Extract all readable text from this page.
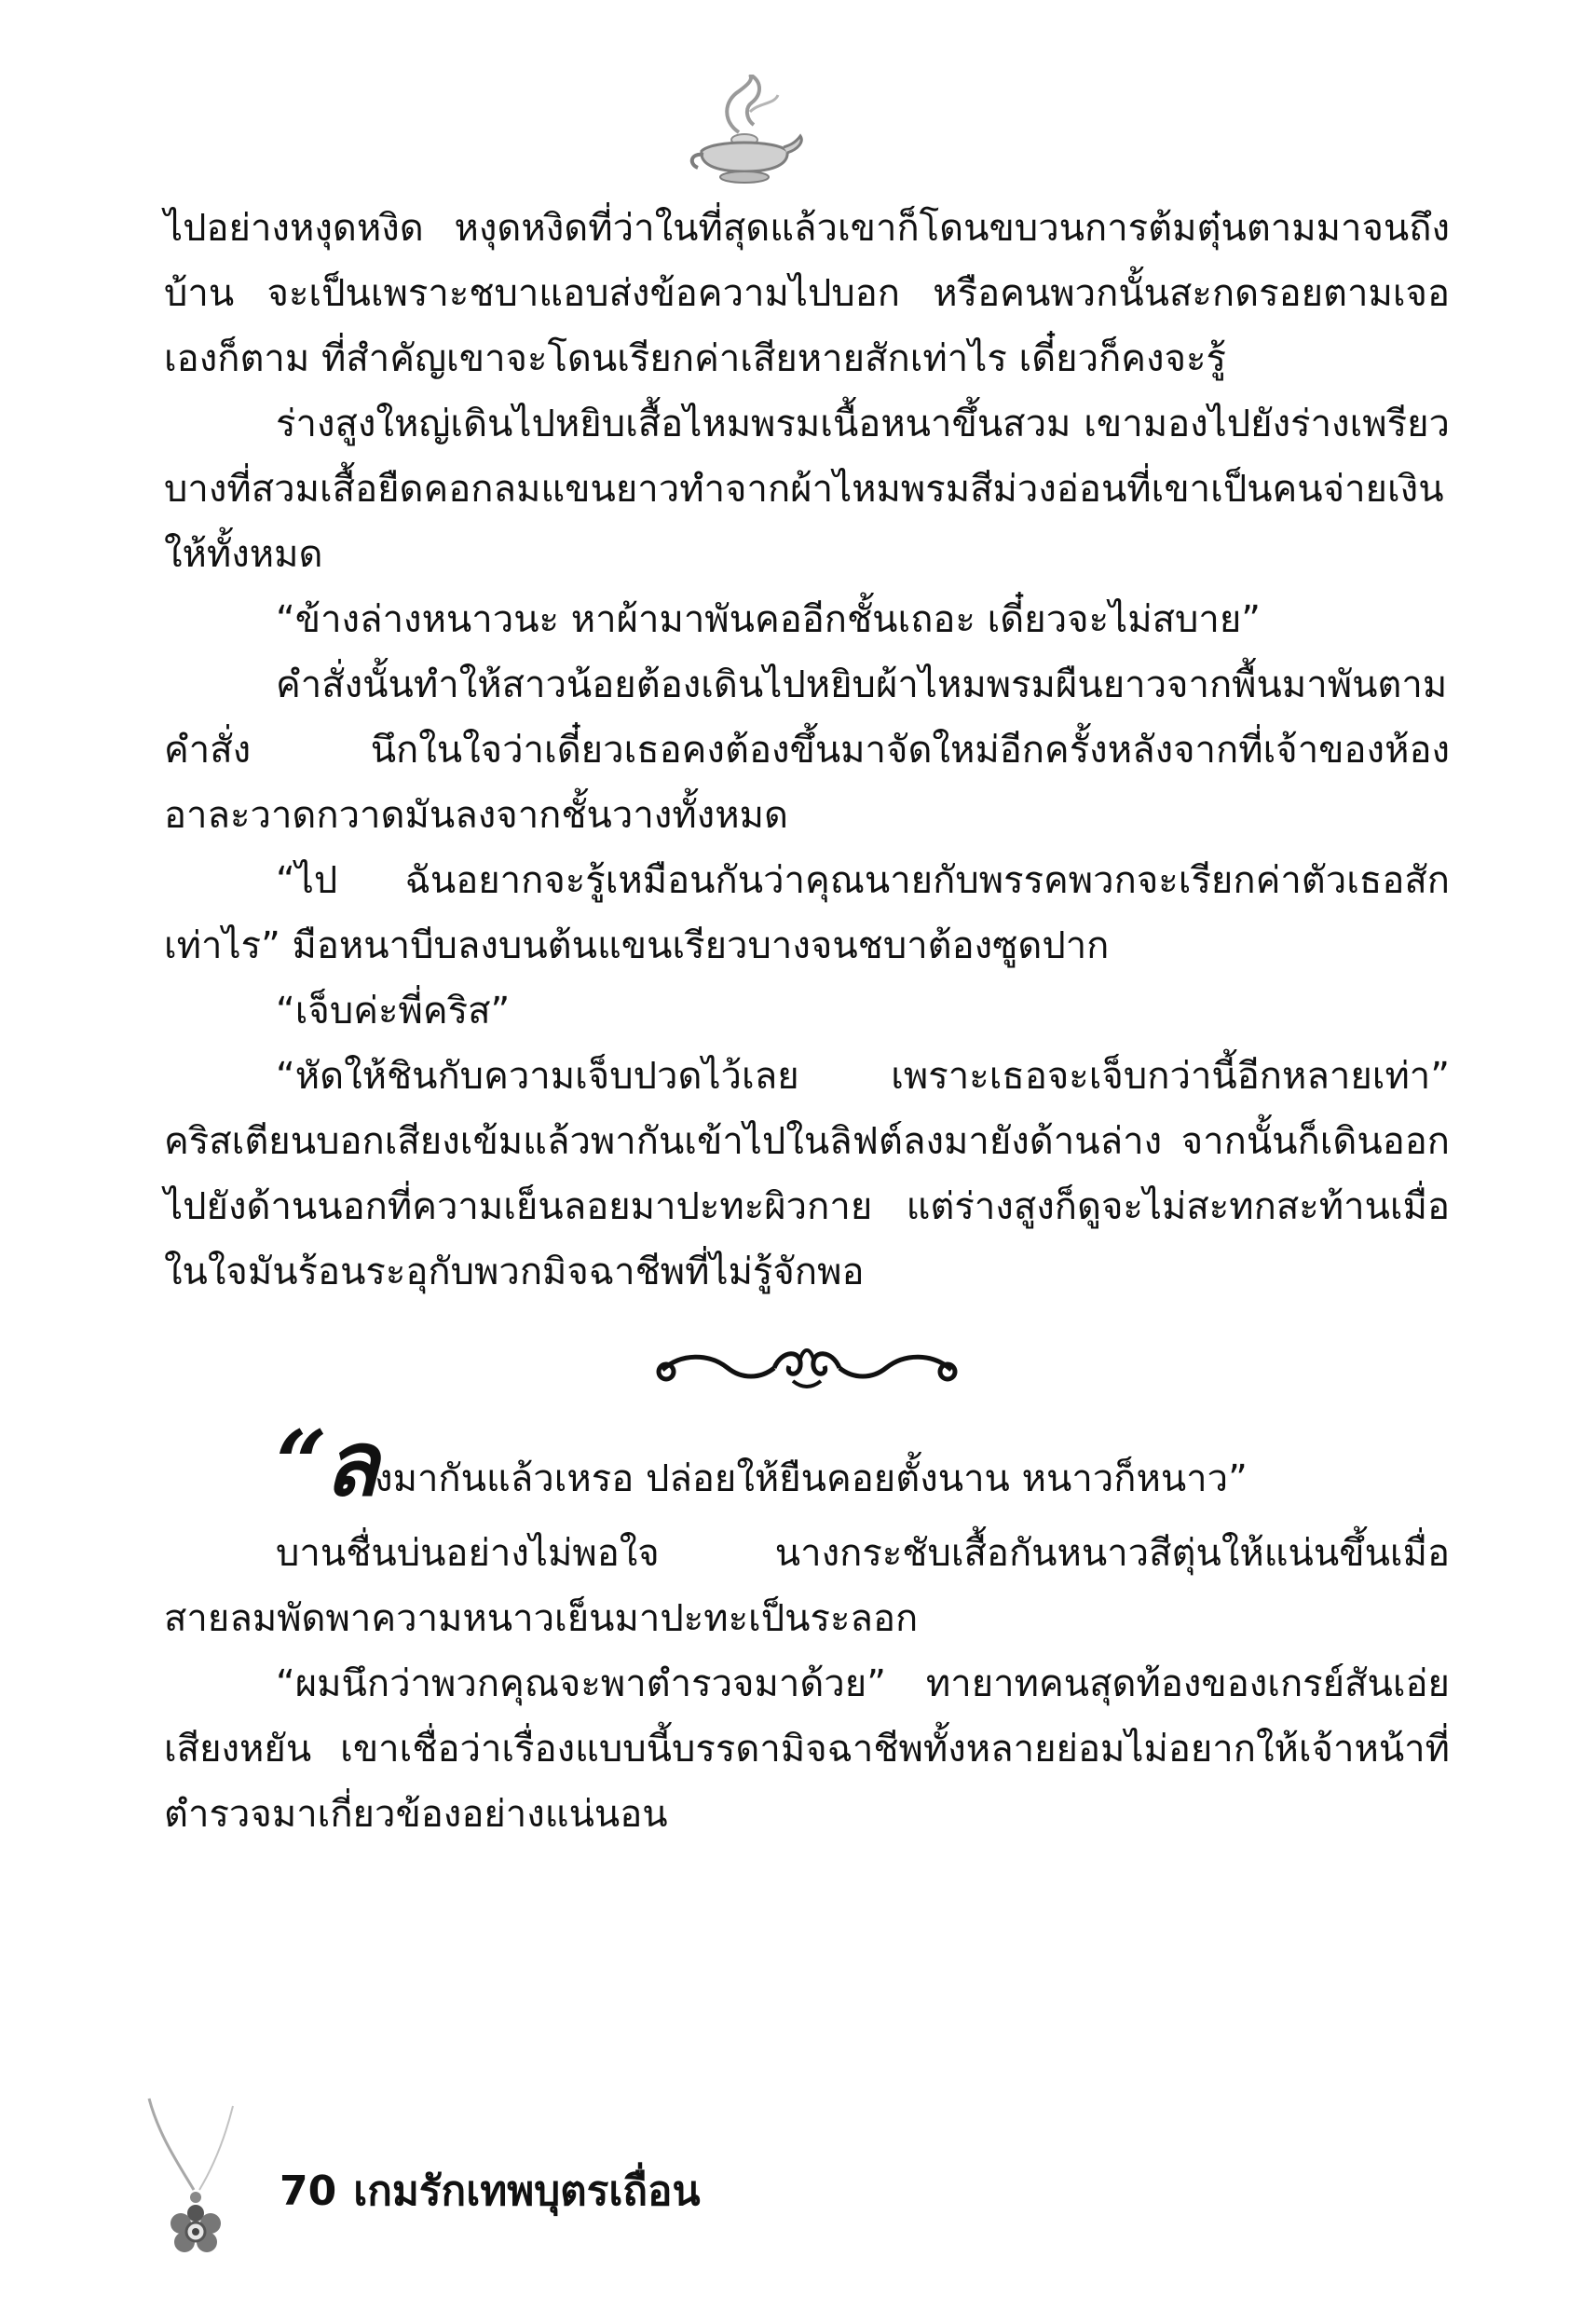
ไปอย่างหงุดหงิด หงุดหงิดที่ว่าในที่สุดแล้วเขาก็โดนขบวนการต้มตุ๋นตามมาจนถึงบ้าน จะเป็นเพราะชบาแอบส่งข้อความไปบอก หรือคนพวกนั้นสะกดรอยตามเจอเองก็ตาม ที่สำคัญเขาจะโดนเรียกค่าเสียหายสักเท่าไร เดี๋ยวก็คงจะรู้

ร่างสูงใหญ่เดินไปหยิบเสื้อไหมพรมเนื้อหนาขึ้นสวม เขามองไปยังร่างเพรียวบางที่สวมเสื้อยืดคอกลมแขนยาวทำจากผ้าไหมพรมสีม่วงอ่อนที่เขาเป็นคนจ่ายเงินให้ทั้งหมด

“ข้างล่างหนาวนะ หาผ้ามาพันคออีกชั้นเถอะ เดี๋ยวจะไม่สบาย”

คำสั่งนั้นทำให้สาวน้อยต้องเดินไปหยิบผ้าไหมพรมผืนยาวจากพื้นมาพันตามคำสั่ง นึกในใจว่าเดี๋ยวเธอคงต้องขึ้นมาจัดใหม่อีกครั้งหลังจากที่เจ้าของห้องอาละวาดกวาดมันลงจากชั้นวางทั้งหมด

“ไป ฉันอยากจะรู้เหมือนกันว่าคุณนายกับพรรคพวกจะเรียกค่าตัวเธอสักเท่าไร” มือหนาบีบลงบนต้นแขนเรียวบางจนชบาต้องซูดปาก

“เจ็บค่ะพี่คริส”

“หัดให้ชินกับความเจ็บปวดไว้เลย เพราะเธอจะเจ็บกว่านี้อีกหลายเท่า” คริสเตียนบอกเสียงเข้มแล้วพากันเข้าไปในลิฟต์ลงมายังด้านล่าง จากนั้นก็เดินออกไปยังด้านนอกที่ความเย็นลอยมาปะทะผิวกาย แต่ร่างสูงก็ดูจะไม่สะทกสะท้านเมื่อในใจมันร้อนระอุกับพวกมิจฉาชีพที่ไม่รู้จักพอ

“ลงมากันแล้วเหรอ ปล่อยให้ยืนคอยตั้งนาน หนาวก็หนาว”

บานชื่นบ่นอย่างไม่พอใจ นางกระชับเสื้อกันหนาวสีตุ่นให้แน่นขึ้นเมื่อสายลมพัดพาความหนาวเย็นมาปะทะเป็นระลอก

“ผมนึกว่าพวกคุณจะพาตำรวจมาด้วย” ทายาทคนสุดท้องของเกรย์สันเอ่ยเสียงหยัน เขาเชื่อว่าเรื่องแบบนี้บรรดามิจฉาชีพทั้งหลายย่อมไม่อยากให้เจ้าหน้าที่ตำรวจมาเกี่ยวข้องอย่างแน่นอน

70 เกมรักเทพบุตรเถื่อน
